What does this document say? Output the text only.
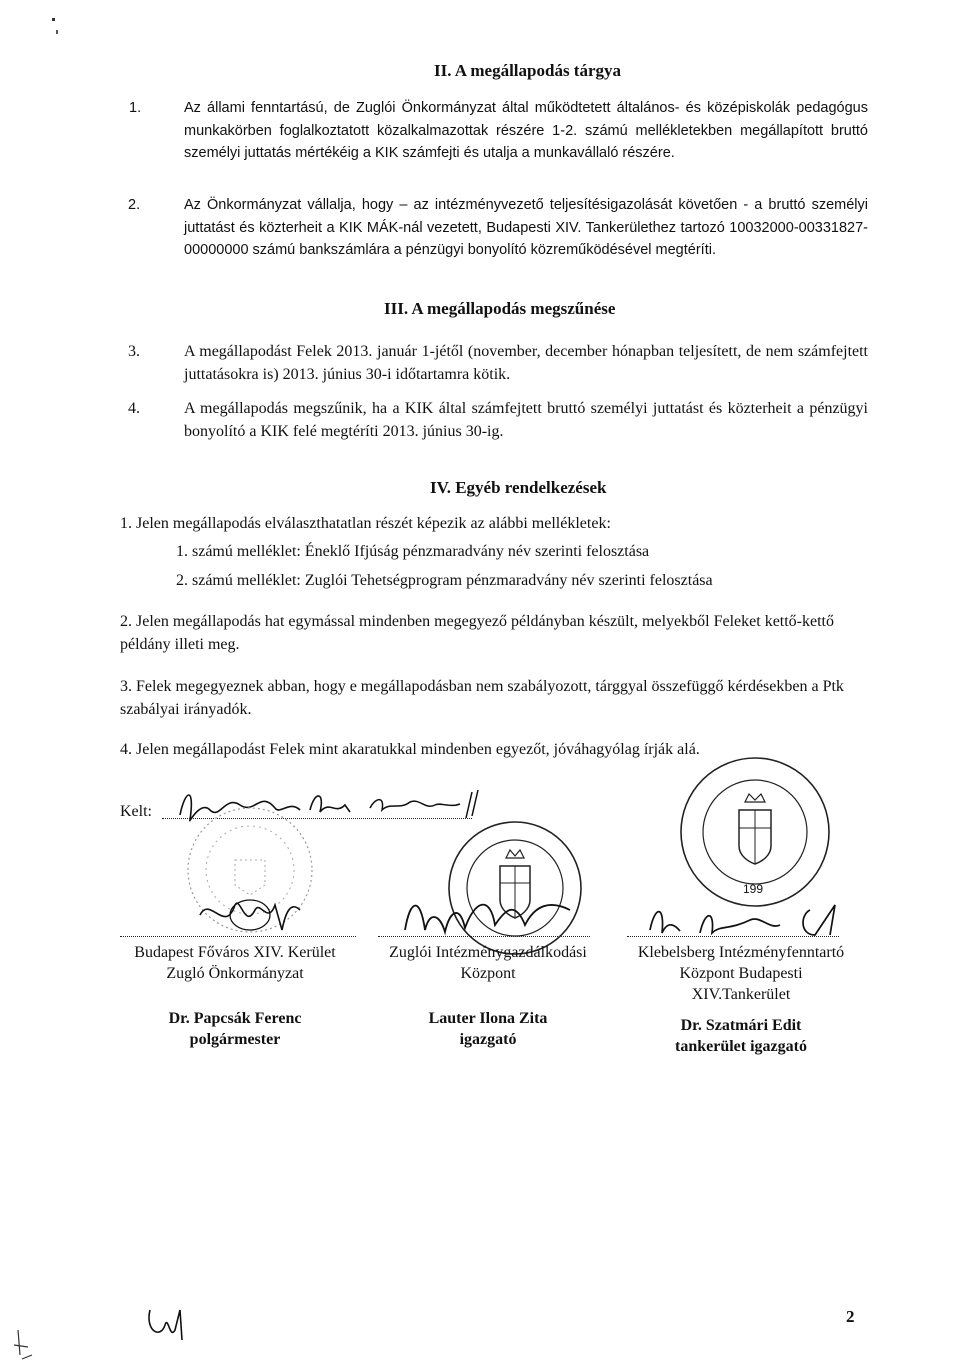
II. A megállapodás tárgya
1.	Az állami fenntartású, de Zuglói Önkormányzat által működtetett általános- és középiskolák pedagógus munkakörben foglalkoztatott közalkalmazottak részére 1-2. számú mellékletekben megállapított bruttó személyi juttatás mértékéig a KIK számfejti és utalja a munkavállaló részére.
2.	Az Önkormányzat vállalja, hogy – az intézményvezető teljesítésigazolását követően - a bruttó személyi juttatást és közterheit a KIK MÁK-nál vezetett, Budapesti XIV. Tankerülethez tartozó 10032000-00331827-00000000 számú bankszámlára a pénzügyi bonyolító közreműködésével megtéríti.
III. A megállapodás megszűnése
3.	A megállapodást Felek 2013. január 1-jétől (november, december hónapban teljesített, de nem számfejtett juttatásokra is) 2013. június 30-i időtartamra kötik.
4.	A megállapodás megszűnik, ha a KIK által számfejtett bruttó személyi juttatást és közterheit a pénzügyi bonyolító a KIK felé megtéríti 2013. június 30-ig.
IV. Egyéb rendelkezések
1. Jelen megállapodás elválaszthatatlan részét képezik az alábbi mellékletek:
1. számú melléklet: Éneklő Ifjúság pénzmaradvány név szerinti felosztása
2. számú melléklet: Zuglói Tehetségprogram pénzmaradvány név szerinti felosztása
2. Jelen megállapodás hat egymással mindenben megegyező példányban készült, melyekből Feleket kettő-kettő példány illeti meg.
3. Felek megegyeznek abban, hogy e megállapodásban nem szabályozott, tárggyal összefüggő kérdésekben a Ptk szabályai irányadók.
4. Jelen megállapodást Felek mint akaratukkal mindenben egyezőt, jóváhagyólag írják alá.
Kelt:
199
Budapest Főváros XIV. Kerület
Zugló Önkormányzat
Dr. Papcsák Ferenc
polgármester
Zuglói Intézménygazdálkodási
Központ
Lauter Ilona Zita
igazgató
Klebelsberg Intézményfenntartó
Központ Budapesti
XIV.Tankerület
Dr. Szatmári Edit
tankerület igazgató
2
